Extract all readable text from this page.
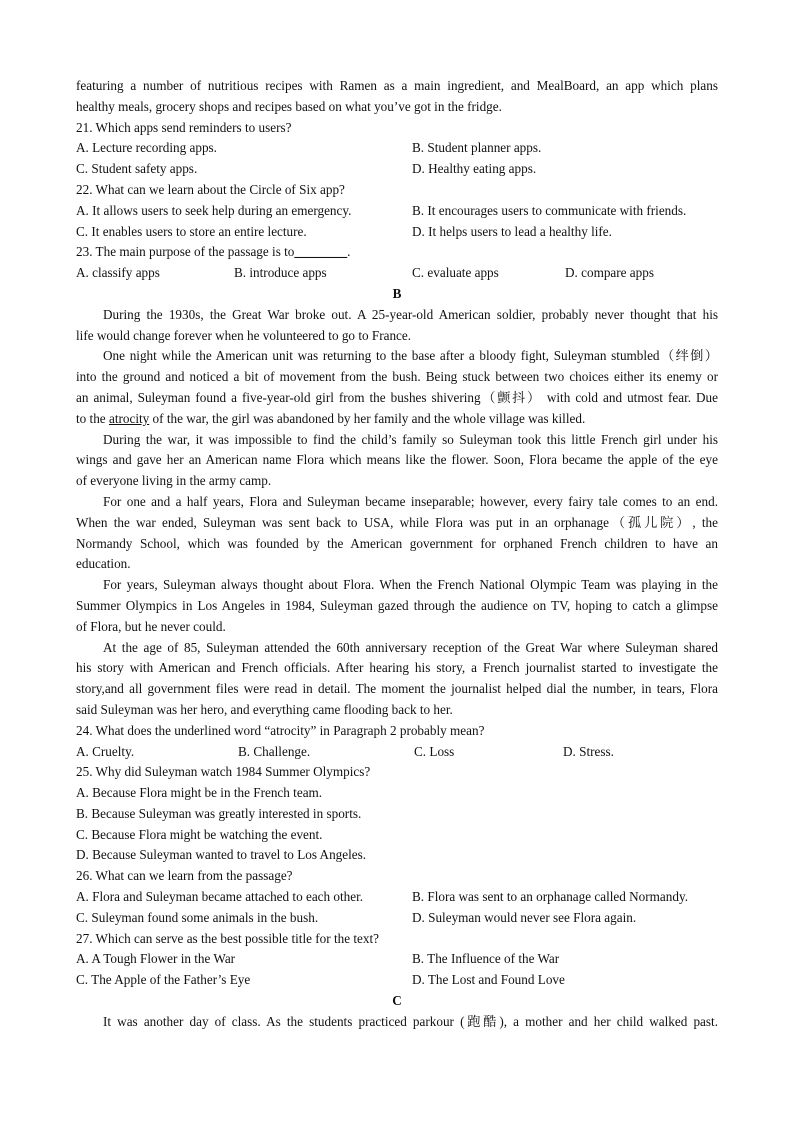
featuring a number of nutritious recipes with Ramen as a main ingredient, and MealBoard, an app which plans
healthy meals, grocery shops and recipes based on what you’ve got in the fridge.
21. Which apps send reminders to users?
A. Lecture recording apps.	B. Student planner apps.
C. Student safety apps.	D. Healthy eating apps.
22. What can we learn about the Circle of Six app?
A. It allows users to seek help during an emergency.	B. It encourages users to communicate with friends.
C. It enables users to store an entire lecture.	D. It helps users to lead a healthy life.
23. The main purpose of the passage is to________.
A. classify apps	B. introduce apps	C. evaluate apps	D. compare apps
B
During the 1930s, the Great War broke out. A 25-year-old American soldier, probably never thought that his
life would change forever when he volunteered to go to France.
One night while the American unit was returning to the base after a bloody fight, Suleyman stumbled（绊倒）
into the ground and noticed a bit of movement from the bush. Being stuck between two choices either its enemy or
an animal, Suleyman found a five-year-old girl from the bushes shivering（颤抖） with cold and utmost fear. Due
to the atrocity of the war, the girl was abandoned by her family and the whole village was killed.
During the war, it was impossible to find the child’s family so Suleyman took this little French girl under his
wings and gave her an American name Flora which means like the flower. Soon, Flora became the apple of the eye
of everyone living in the army camp.
For one and a half years, Flora and Suleyman became inseparable; however, every fairy tale comes to an end.
When the war ended, Suleyman was sent back to USA, while Flora was put in an orphanage（孤儿院）, the
Normandy School, which was founded by the American government for orphaned French children to have an
education.
For years, Suleyman always thought about Flora. When the French National Olympic Team was playing in the
Summer Olympics in Los Angeles in 1984, Suleyman gazed through the audience on TV, hoping to catch a glimpse
of Flora, but he never could.
At the age of 85, Suleyman attended the 60th anniversary reception of the Great War where Suleyman shared
his story with American and French officials. After hearing his story, a French journalist started to investigate the
story,and all government files were read in detail. The moment the journalist helped dial the number, in tears, Flora
said Suleyman was her hero, and everything came flooding back to her.
24. What does the underlined word “atrocity” in Paragraph 2 probably mean?
A. Cruelty.	B. Challenge.	C. Loss	D. Stress.
25. Why did Suleyman watch 1984 Summer Olympics?
A. Because Flora might be in the French team.
B. Because Suleyman was greatly interested in sports.
C. Because Flora might be watching the event.
D. Because Suleyman wanted to travel to Los Angeles.
26. What can we learn from the passage?
A. Flora and Suleyman became attached to each other.	B. Flora was sent to an orphanage called Normandy.
C. Suleyman found some animals in the bush.	D. Suleyman would never see Flora again.
27. Which can serve as the best possible title for the text?
A. A Tough Flower in the War	B. The Influence of the War
C. The Apple of the Father’s Eye	D. The Lost and Found Love
C
It was another day of class. As the students practiced parkour (跑酷), a mother and her child walked past.
